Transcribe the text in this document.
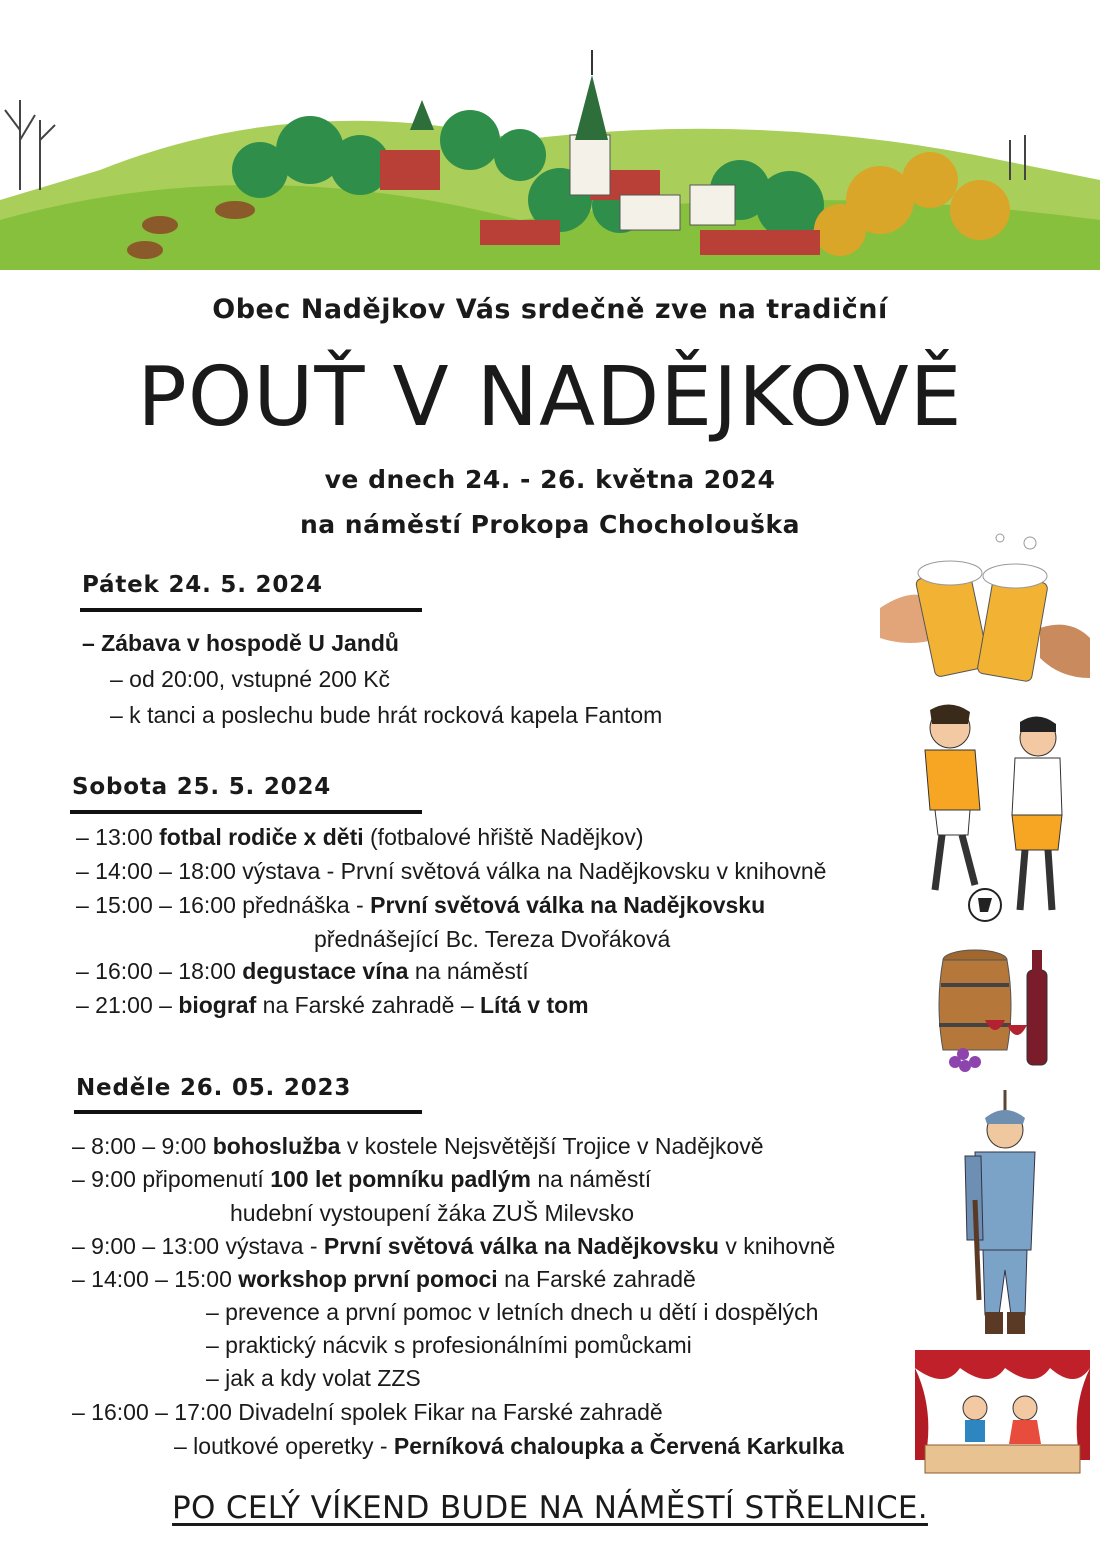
Obec Nadějkov Vás srdečně zve na tradiční
POUŤ V NADĚJKOVĚ
ve dnech 24. - 26. května 2024
na náměstí Prokopa Chocholouška
Pátek 24. 5. 2024
– Zábava v hospodě U Jandů
– od 20:00, vstupné 200 Kč
– k tanci a poslechu bude hrát rocková kapela Fantom
Sobota 25. 5. 2024
– 13:00 fotbal rodiče x děti (fotbalové hřiště Nadějkov)
– 14:00 – 18:00 výstava - První světová válka na Nadějkovsku v knihovně
– 15:00 – 16:00 přednáška - První světová válka na Nadějkovsku
přednášející Bc. Tereza Dvořáková
– 16:00 – 18:00 degustace vína na náměstí
– 21:00 – biograf na Farské zahradě – Lítá v tom
Neděle 26. 05. 2023
– 8:00 – 9:00 bohoslužba v kostele Nejsvětější Trojice v Nadějkově
– 9:00 připomenutí 100 let pomníku padlým na náměstí
hudební vystoupení žáka ZUŠ Milevsko
– 9:00 – 13:00 výstava - První světová válka na Nadějkovsku v knihovně
– 14:00 – 15:00 workshop první pomoci na Farské zahradě
– prevence a první pomoc v letních dnech u dětí i dospělých
– praktický nácvik s profesionálními pomůckami
– jak a kdy volat ZZS
– 16:00 – 17:00 Divadelní spolek Fikar na Farské zahradě
– loutkové operetky - Perníková chaloupka a Červená Karkulka
PO CELÝ VÍKEND BUDE NA NÁMĚSTÍ STŘELNICE.
